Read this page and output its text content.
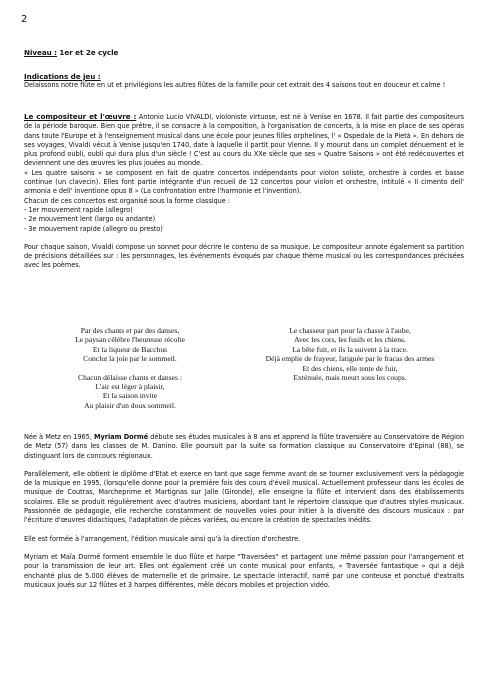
2
Niveau : 1er et 2e cycle
Indications de jeu :
Delaissons notre flûte en ut et privilégions les autres flûtes de la famille pour cet extrait des 4 saisons tout en douceur et calme !
Le compositeur et l'œuvre : Antonio Lucio VIVALDI, violoniste virtuose, est né à Venise en 1678. Il fait partie des compositeurs de la période baroque. Bien que prêtre, il se consacre à la composition, à l'organisation de concerts, à la mise en place de ses opéras dans toute l'Europe et à l'enseignement musical dans une école pour jeunes filles orphelines, l' « Ospedale de la Pietà ». En dehors de ses voyages, Vivaldi vécut à Venise jusqu'en 1740, date à laquelle il partit pour Vienne. Il y mourut dans un complet dénuement et le plus profond oubli, oubli qui dura plus d'un siècle ! C'est au cours du XXe siècle que ses « Quatre Saisons » ont été redécouvertes et deviennent une des œuvres les plus jouées au monde.
« Les quatre saisons » se composent en fait de quatre concertos indépendants pour violon soliste, orchestre à cordes et basse continue (un clavecin). Elles font partie intégrante d'un recueil de 12 concertos pour violon et orchestre, intitulé « Il cimento dell' armonia e dell' inventione opus 8 » (La confrontation entre l'harmonie et l'invention).
Chacun de ces concertos est organisé sous la forme classique :
- 1er mouvement rapide (allegro)
- 2e mouvement lent (largo ou andante)
- 3e mouvement rapide (allegro ou presto)
Pour chaque saison, Vivaldi compose un sonnet pour décrire le contenu de sa musique. Le compositeur annote également sa partition de précisions détaillées sur : les personnages, les événements évoqués par chaque thème musical ou les correspondances précisées avec les poèmes.
Par des chants et par des danses,
Le paysan célèbre l'heureuse récolte
Et la liqueur de Bacchus
Conclut la joie par le sommeil.
Chacun délaisse chants et danses :
L'air est léger à plaisir,
Et la saison invite
Au plaisir d'un doux sommeil.
Le chasseur part pour la chasse à l'aube,
Avec les cors, les fusils et les chiens.
La bête fuit, et ils la suivent à la trace.
Déjà emplie de frayeur, fatiguée par le fracas des armes
Et des chiens, elle tente de fuir,
Exténuée, mais meurt sous les coups.
Née à Metz en 1965, Myriam Dormé débute ses études musicales à 8 ans et apprend la flûte traversière au Conservatoire de Région de Metz (57) dans les classes de M. Danino. Elle poursuit par la suite sa formation classique au Conservatoire d'Epinal (88), se distinguant lors de concours régionaux.
Parallèlement, elle obtient le diplôme d'Etat et exerce en tant que sage femme avant de se tourner exclusivement vers la pédagogie de la musique en 1995, (lorsqu'elle donne pour la première fois des cours d'éveil musical. Actuellement professeur dans les écoles de musique de Coutras, Marcheprime et Martignas sur Jalle (Gironde), elle enseigne la flûte et intervient dans des établissements scolaires. Elle se produit régulièrement avec d'autres musiciens, abordant tant le répertoire classique que d'autres styles musicaux. Passionnée de pédagogie, elle recherche constamment de nouvelles voies pour initier à la diversité des discours musicaux : par l'écriture d'œuvres didactiques, l'adaptation de pièces variées, ou encore la création de spectacles inédits.
Elle est formée à l'arrangement, l'édition musicale ainsi qu'à la direction d'orchestre.
Myriam et Maïa Dormé forment ensemble le duo flûte et harpe "Traversées" et partagent une même passion pour l'arrangement et pour la transmission de leur art. Elles ont également créé un conte musical pour enfants, « Traversée fantastique » qui a déjà enchanté plus de 5.000 élèves de maternelle et de primaire. Le spectacle interactif, narré par une conteuse et ponctué d'extraits musicaux joués sur 12 flûtes et 3 harpes différentes, mêle décors mobiles et projection vidéo.
